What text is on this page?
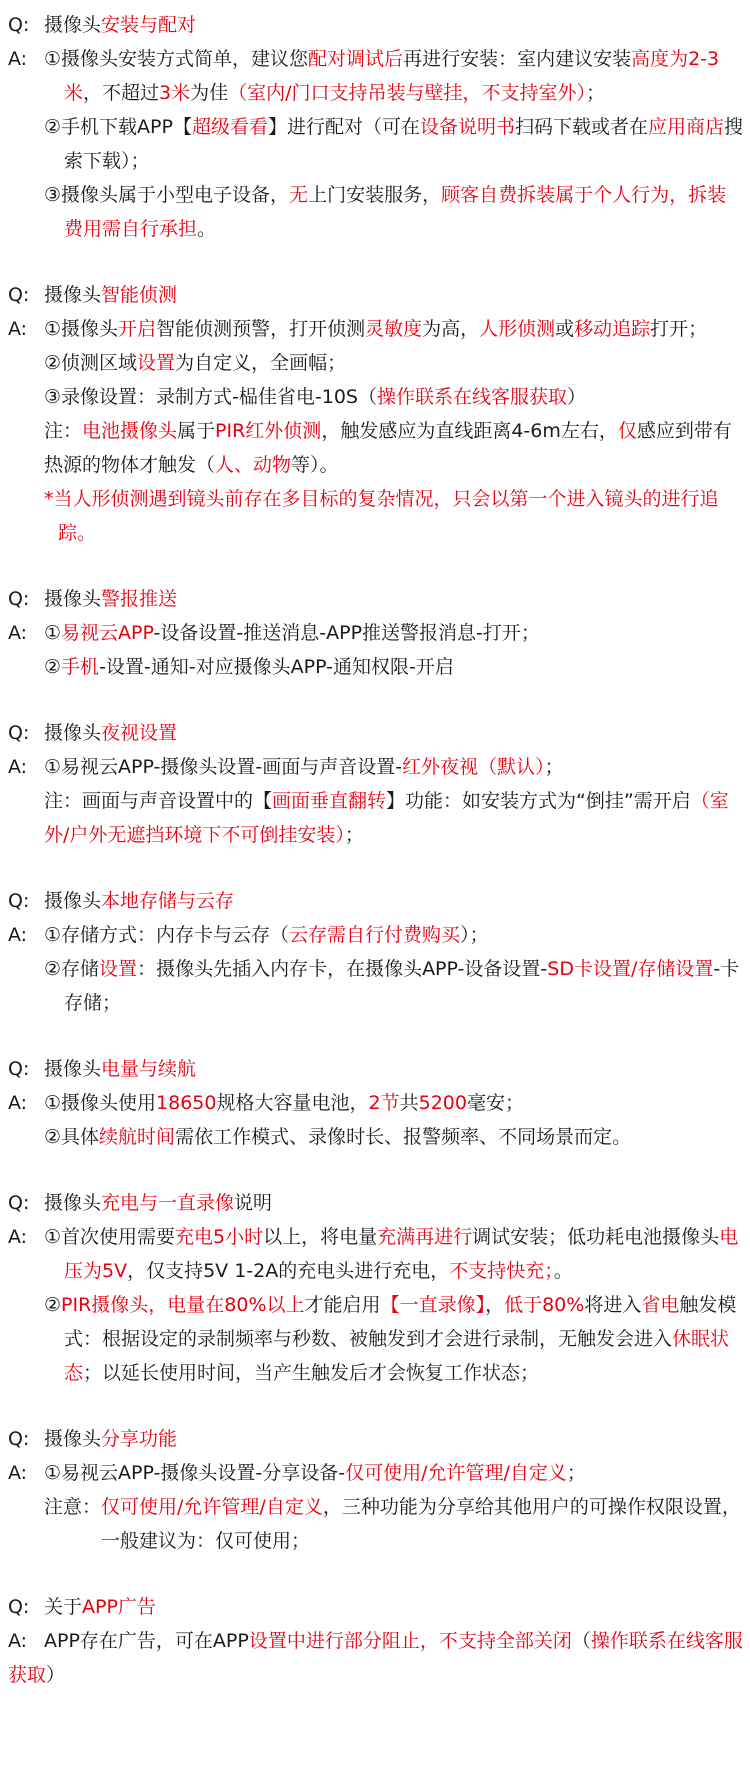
Q: 摄像头安装与配对
A: ①摄像头安装方式简单，建议您配对调试后再进行安装：室内建议安装高度为2-3米，不超过3米为佳（室内/门口支持吊装与壁挂，不支持室外）；
②手机下载APP【超级看看】进行配对（可在设备说明书扫码下载或者在应用商店搜索下载）；
③摄像头属于小型电子设备，无上门安装服务，顾客自费拆装属于个人行为，拆装费用需自行承担。
Q: 摄像头智能侦测
A: ①摄像头开启智能侦测预警，打开侦测灵敏度为高，人形侦测或移动追踪打开；
②侦测区域设置为自定义，全画幅；
③录像设置：录制方式-榀佳省电-10S（操作联系在线客服获取）
注：电池摄像头属于PIR红外侦测，触发感应为直线距离4-6m左右，仅感应到带有热源的物体才触发（人、动物等）。
*当人形侦测遇到镜头前存在多目标的复杂情况，只会以第一个进入镜头的进行追踪。
Q: 摄像头警报推送
A: ①易视云APP-设备设置-推送消息-APP推送警报消息-打开；
②手机-设置-通知-对应摄像头APP-通知权限-开启
Q: 摄像头夜视设置
A: ①易视云APP-摄像头设置-画面与声音设置-红外夜视（默认）；
注：画面与声音设置中的【画面垂直翻转】功能：如安装方式为“倒挂”需开启（室外/户外无遮挡环境下不可倒挂安装）；
Q: 摄像头本地存储与云存
A: ①存储方式：内存卡与云存（云存需自行付费购买）；
②存储设置：摄像头先插入内存卡，在摄像头APP-设备设置-SD卡设置/存储设置-卡存储；
Q: 摄像头电量与续航
A: ①摄像头使用18650规格大容量电池，2节共5200毫安；
②具体续航时间需依工作模式、录像时长、报警频率、不同场景而定。
Q: 摄像头充电与一直录像说明
A: ①首次使用需要充电5小时以上，将电量充满再进行调试安装；低功耗电池摄像头电压为5V，仅支持5V 1-2A的充电头进行充电，不支持快充；。
②PIR摄像头，电量在80%以上才能启用【一直录像】，低于80%将进入省电触发模式：根据设定的录制频率与秒数、被触发到才会进行录制，无触发会进入休眠状态；以延长使用时间，当产生触发后才会恢复工作状态；
Q: 摄像头分享功能
A: ①易视云APP-摄像头设置-分享设备-仅可使用/允许管理/自定义；
注意： 仅可使用/允许管理/自定义，三种功能为分享给其他用户的可操作权限设置，一般建议为：仅可使用；
Q: 关于APP广告
A: APP存在广告，可在APP设置中进行部分阻止，不支持全部关闭（操作联系在线客服获取）
